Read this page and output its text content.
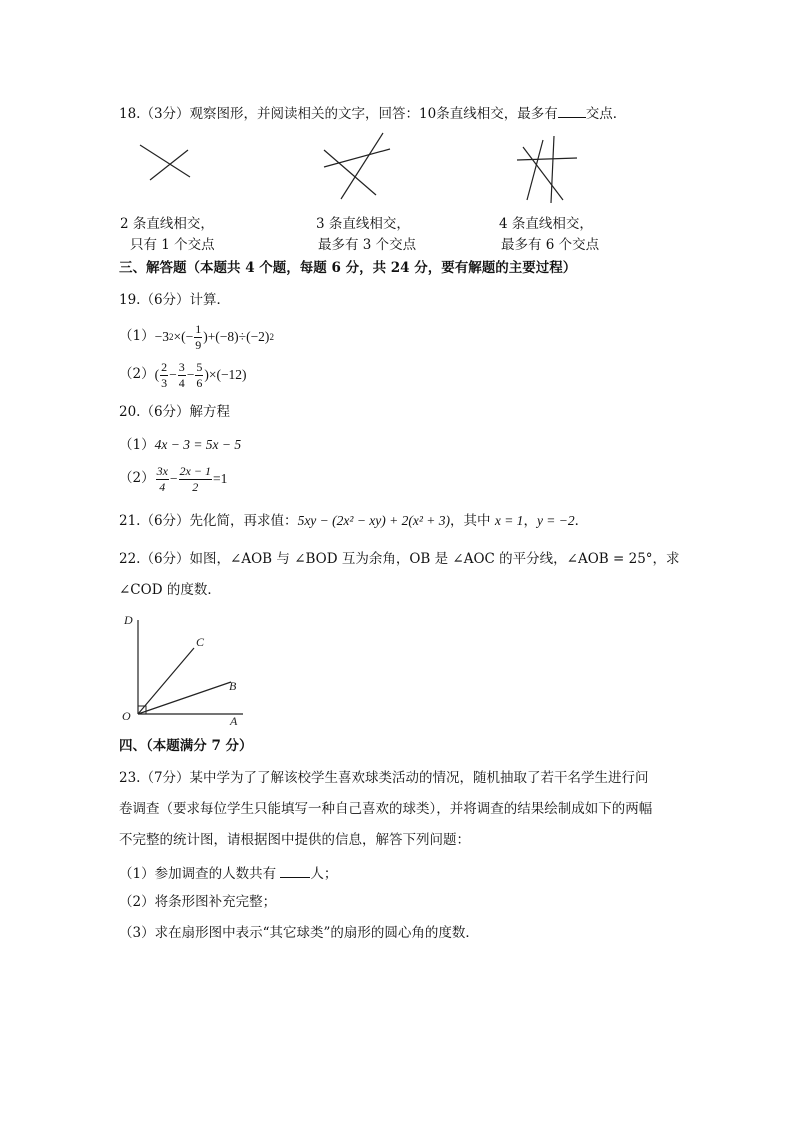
18.（3分）观察图形，并阅读相关的文字，回答：10条直线相交，最多有 交点．
2 条直线相交，
只有 1 个交点
3 条直线相交，
最多有 3 个交点
4 条直线相交，
最多有 6 个交点
三、解答题（本题共 4 个题，每题 6 分，共 24 分，要有解题的主要过程）
19.（6分）计算．
（1） −3 2 ×(− $\frac{1}{9} )+(-8)\div(-2)$ 2
（2） ( $\frac{2}{3} - \frac{3}{4} - \frac{5}{6} )\times(-12)$
20.（6分）解方程
（1）4x − 3 = 5x − 5
$(2) \frac{3x}{4} - \frac{2x - 1}{2} =1$
21.（6分）先化简，再求值：5xy − (2x² − xy) + 2(x² + 3)，其中 x = 1，y = −2．
22.（6分）如图，∠AOB 与 ∠BOD 互为余角，OB 是 ∠AOC 的平分线，∠AOB = 25°，求
∠COD 的度数．
D
C
B
O	A
四、（本题满分 7 分）
23.（7分）某中学为了了解该校学生喜欢球类活动的情况，随机抽取了若干名学生进行问
卷调查（要求每位学生只能填写一种自己喜欢的球类），并将调查的结果绘制成如下的两幅
不完整的统计图，请根据图中提供的信息，解答下列问题：
（1）参加调查的人数共有 人；
（2）将条形图补充完整；
（3）求在扇形图中表示“其它球类”的扇形的圆心角的度数．
